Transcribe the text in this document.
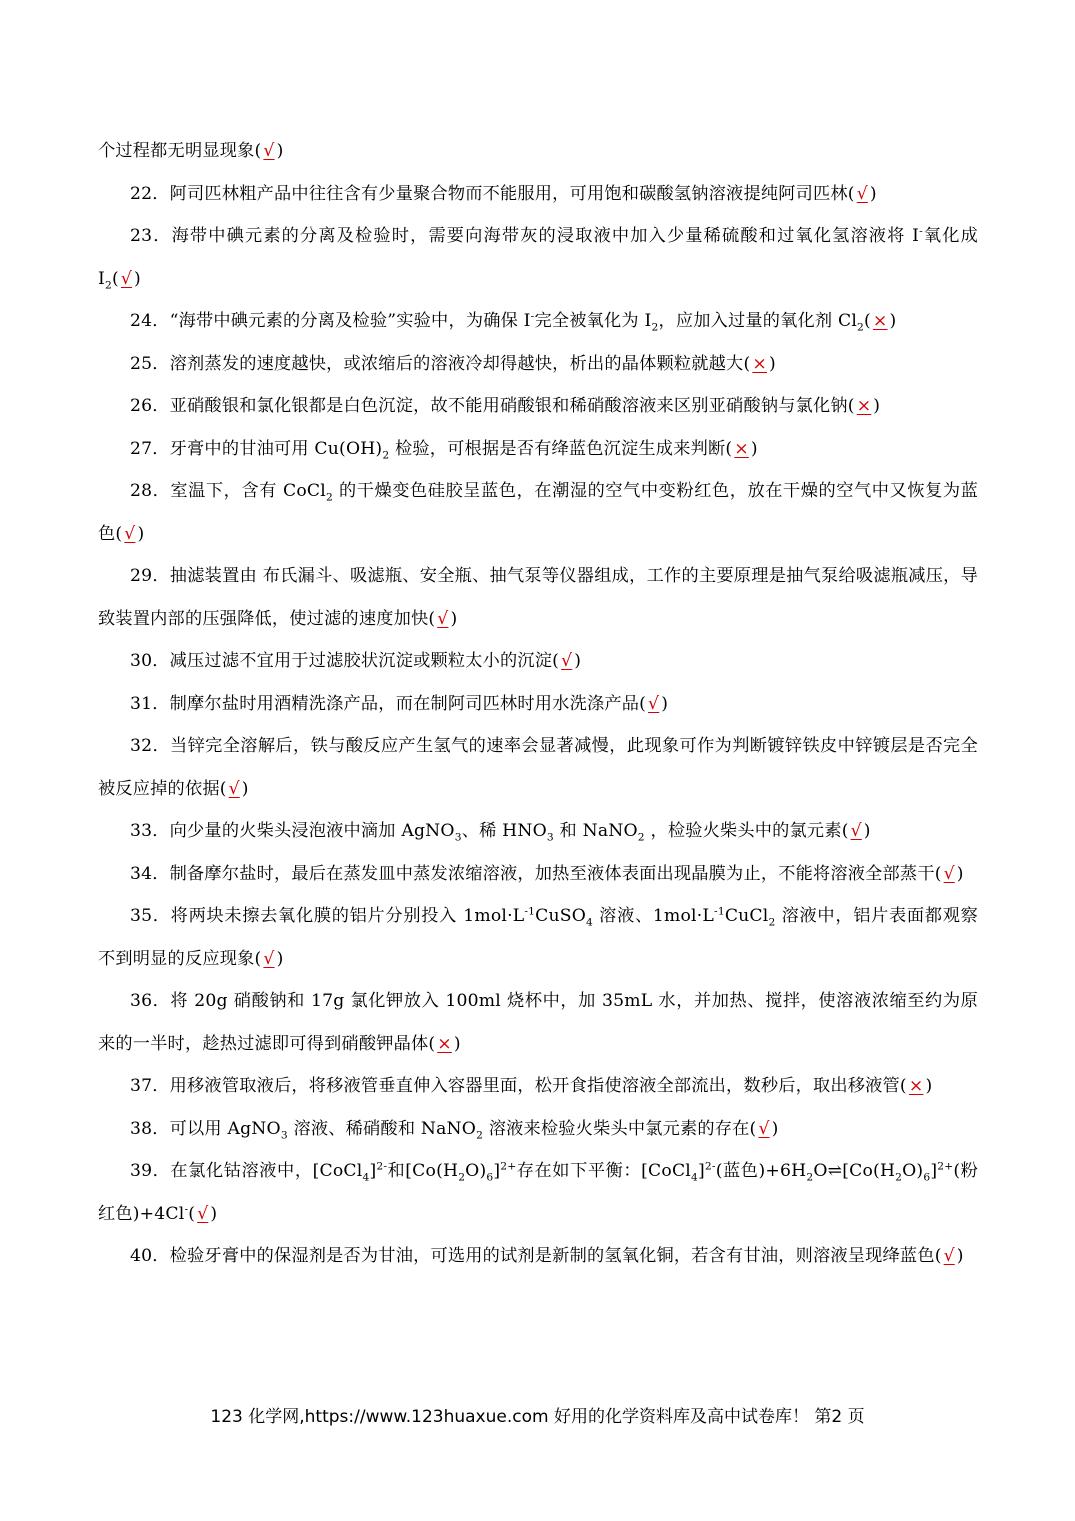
个过程都无明显现象( √ )

22．阿司匹林粗产品中往往含有少量聚合物而不能服用，可用饱和碳酸氢钠溶液提纯阿司匹林( √ )

23．海带中碘元素的分离及检验时，需要向海带灰的浸取液中加入少量稀硫酸和过氧化氢溶液将 I-氧化成 $I_2$( √ )

24．“海带中碘元素的分离及检验”实验中，为确保 I-完全被氧化为 $I_2$，应加入过量的氧化剂 $Cl_2$( × )

25．溶剂蒸发的速度越快，或浓缩后的溶液冷却得越快，析出的晶体颗粒就越大( × )

26．亚硝酸银和氯化银都是白色沉淀，故不能用硝酸银和稀硝酸溶液来区别亚硝酸钠与氯化钠( × )

27．牙膏中的甘油可用 $Cu(OH)_2$ 检验，可根据是否有绛蓝色沉淀生成来判断( × )

28．室温下，含有 CoCl$_2$ 的干燥变色硅胶呈蓝色，在潮湿的空气中变粉红色，放在干燥的空气中又恢复为蓝色( √ )

29．抽滤装置由 布氏漏斗、吸滤瓶、安全瓶、抽气泵等仪器组成，工作的主要原理是抽气泵给吸滤瓶减压，导致装置内部的压强降低，使过滤的速度加快( √ )

30．减压过滤不宜用于过滤胶状沉淀或颗粒太小的沉淀( √ )

31．制摩尔盐时用酒精洗涤产品，而在制阿司匹林时用水洗涤产品( √ )

32．当锌完全溶解后，铁与酸反应产生氢气的速率会显著减慢，此现象可作为判断镀锌铁皮中锌镀层是否完全被反应掉的依据( √ )

33．向少量的火柴头浸泡液中滴加 AgNO$_3$、稀 $HNO_3$ 和 NaNO$_2$ ，检验火柴头中的氯元素( √ )

34．制备摩尔盐时，最后在蒸发皿中蒸发浓缩溶液，加热至液体表面出现晶膜为止，不能将溶液全部蒸干( √ )

35．将两块未擦去氧化膜的铝片分别投入 $1mol\cdot L^{-1}CuSO_4$ 溶液、$1mol\cdot L^{-1}CuCl_2$ 溶液中，铝片表面都观察不到明显的反应现象( √ )

36．将 20g 硝酸钠和 17g 氯化钾放入 100ml 烧杯中，加 35mL 水，并加热、搅拌，使溶液浓缩至约为原来的一半时，趁热过滤即可得到硝酸钾晶体( × )

37．用移液管取液后，将移液管垂直伸入容器里面，松开食指使溶液全部流出，数秒后，取出移液管( × )

38．可以用 AgNO$_3$ 溶液、稀硝酸和 NaNO$_2$ 溶液来检验火柴头中氯元素的存在( √ )

39．在氯化钴溶液中，[CoCl$_4$]$^{2-}$和$[Co(H_2O)_6]^{2+}$存在如下平衡：[CoCl$_4$]$^{2-}$(蓝色)$+6H_2O\rightleftharpoons[Co(H_2O)_6]^{2+}$(粉红色)+4Cl-( √ )

40．检验牙膏中的保湿剂是否为甘油，可选用的试剂是新制的氢氧化铜，若含有甘油，则溶液呈现绛蓝色( √ )

123 化学网,https://www.123huaxue.com 好用的化学资料库及高中试卷库！ 第2 页
